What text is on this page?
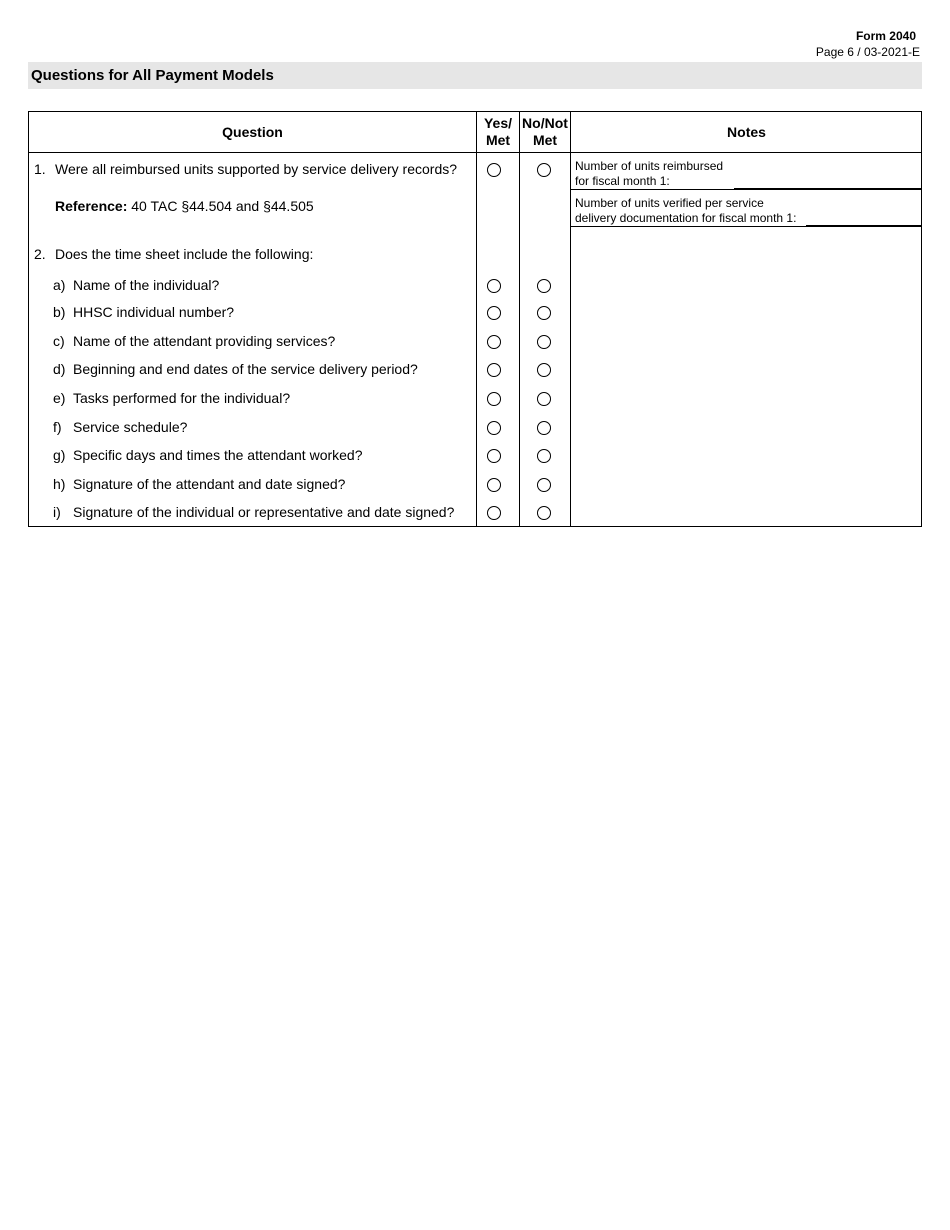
Form 2040
Page 6 / 03-2021-E
Questions for All Payment Models
Question
Yes/
Met
No/Not
Met
Notes
1. Were all reimbursed units supported by service delivery records?
Reference: 40 TAC §44.504 and §44.505
Number of units reimbursed
for fiscal month 1:
Number of units verified per service
delivery documentation for fiscal month 1:
2. Does the time sheet include the following:
a) Name of the individual?
b) HHSC individual number?
c) Name of the attendant providing services?
d) Beginning and end dates of the service delivery period?
e) Tasks performed for the individual?
f) Service schedule?
g) Specific days and times the attendant worked?
h) Signature of the attendant and date signed?
i) Signature of the individual or representative and date signed?
